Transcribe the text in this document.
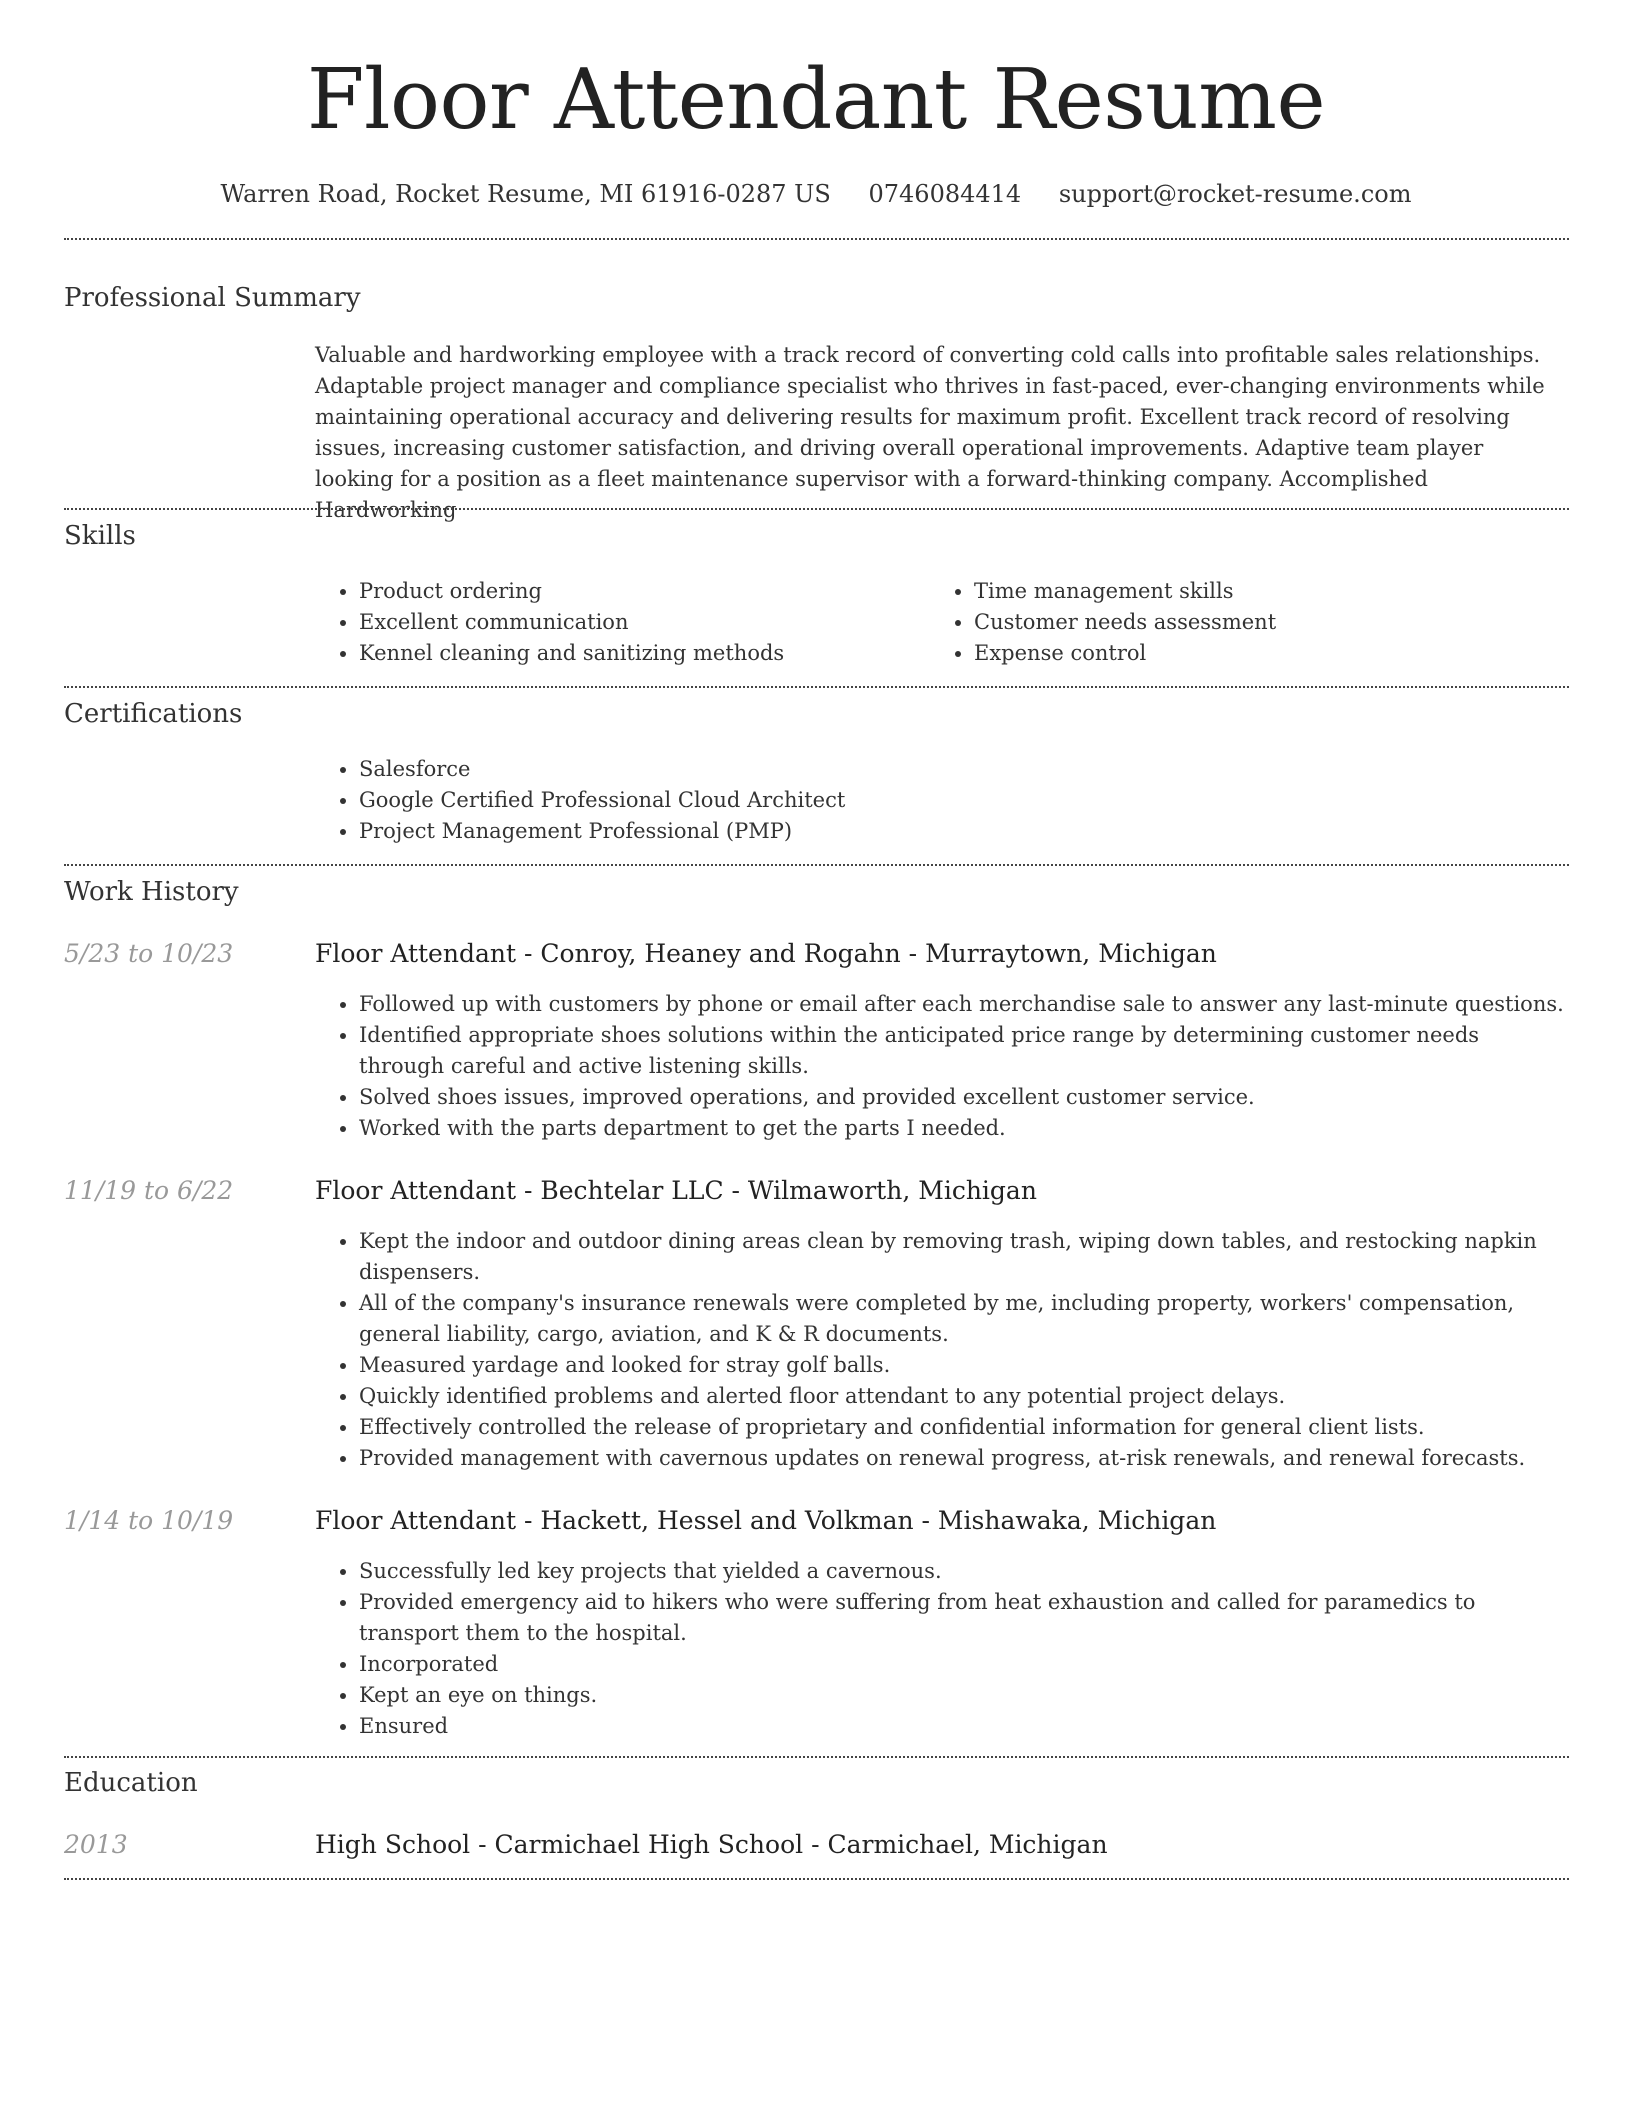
Floor Attendant Resume
Warren Road, Rocket Resume, MI 61916-0287 US 0746084414 support@rocket-resume.com
Professional Summary

Valuable and hardworking employee with a track record of converting cold calls into profitable sales relationships. Adaptable project manager and compliance specialist who thrives in fast-paced, ever-changing environments while maintaining operational accuracy and delivering results for maximum profit. Excellent track record of resolving issues, increasing customer satisfaction, and driving overall operational improvements. Adaptive team player looking for a position as a fleet maintenance supervisor with a forward-thinking company. Accomplished Hardworking

Skills
• Product ordering
• Excellent communication
• Kennel cleaning and sanitizing methods
• Time management skills
• Customer needs assessment
• Expense control
Certifications
• Salesforce
• Google Certified Professional Cloud Architect
• Project Management Professional (PMP)
Work History
5/23 to 10/23	Floor Attendant - Conroy, Heaney and Rogahn - Murraytown, Michigan
• Followed up with customers by phone or email after each merchandise sale to answer any last-minute questions.
• Identified appropriate shoes solutions within the anticipated price range by determining customer needs through careful and active listening skills.
• Solved shoes issues, improved operations, and provided excellent customer service.
• Worked with the parts department to get the parts I needed.
11/19 to 6/22	Floor Attendant - Bechtelar LLC - Wilmaworth, Michigan
• Kept the indoor and outdoor dining areas clean by removing trash, wiping down tables, and restocking napkin dispensers.
• All of the company's insurance renewals were completed by me, including property, workers' compensation, general liability, cargo, aviation, and K & R documents.
• Measured yardage and looked for stray golf balls.
• Quickly identified problems and alerted floor attendant to any potential project delays.
• Effectively controlled the release of proprietary and confidential information for general client lists.
• Provided management with cavernous updates on renewal progress, at-risk renewals, and renewal forecasts.
1/14 to 10/19	Floor Attendant - Hackett, Hessel and Volkman - Mishawaka, Michigan
• Successfully led key projects that yielded a cavernous.
• Provided emergency aid to hikers who were suffering from heat exhaustion and called for paramedics to transport them to the hospital.
• Incorporated
• Kept an eye on things.
• Ensured
Education
2013	High School - Carmichael High School - Carmichael, Michigan
